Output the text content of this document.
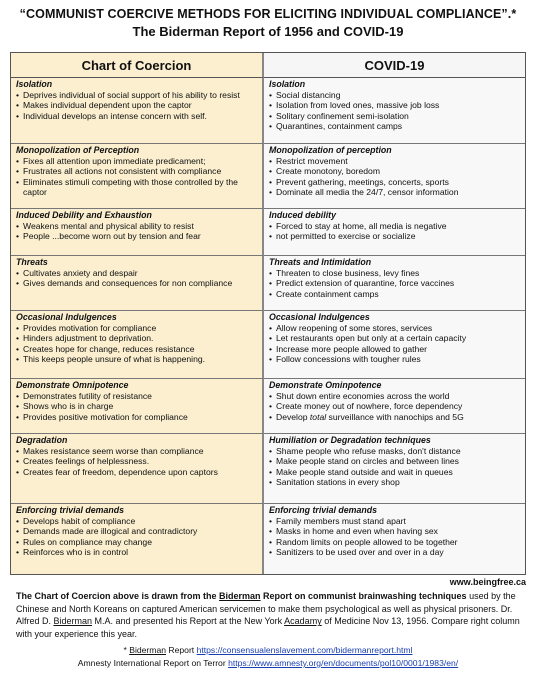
“COMMUNIST COERCIVE METHODS FOR ELICITING INDIVIDUAL COMPLIANCE”.*
The Biderman Report of 1956 and COVID-19
Chart of Coercion	COVID-19
Isolation
• Deprives individual of social support of his ability to resist
• Makes individual dependent upon the captor
• Individual develops an intense concern with self.
Isolation
• Social distancing
• Isolation from loved ones, massive job loss
• Solitary confinement semi-isolation
• Quarantines, containment camps
Monopolization of Perception
• Fixes all attention upon immediate predicament;
• Frustrates all actions not consistent with compliance
• Eliminates stimuli competing with those controlled by the captor
Monopolization of perception
• Restrict movement
• Create monotony, boredom
• Prevent gathering, meetings, concerts, sports
• Dominate all media the 24/7, censor information
Induced Debility and Exhaustion
• Weakens mental and physical ability to resist
• People ...become worn out by tension and fear
Induced debility
• Forced to stay at home, all media is negative
• not permitted to exercise or socialize
Threats
• Cultivates anxiety and despair
• Gives demands and consequences for non compliance
Threats and Intimidation
• Threaten to close business, levy fines
• Predict extension of quarantine, force vaccines
• Create containment camps
Occasional Indulgences
• Provides motivation for compliance
• Hinders adjustment to deprivation.
• Creates hope for change, reduces resistance
• This keeps people unsure of what is happening.
Occasional Indulgences
• Allow reopening of some stores, services
• Let restaurants open but only at a certain capacity
• Increase more people allowed to gather
• Follow concessions with tougher rules
Demonstrate Omnipotence
• Demonstrates futility of resistance
• Shows who is in charge
• Provides positive motivation for compliance
Demonstrate Ominpotence
• Shut down entire economies across the world
• Create money out of nowhere, force dependency
• Develop total surveillance with nanochips and 5G
Degradation
• Makes resistance seem worse than compliance
• Creates feelings of helplessness.
• Creates fear of freedom, dependence upon captors
Humiliation or Degradation techniques
• Shame people who refuse masks, don't distance
• Make people stand on circles and between lines
• Make people stand outside and wait in queues
• Sanitation stations in every shop
Enforcing trivial demands
• Develops habit of compliance
• Demands made are illogical and contradictory
• Rules on compliance may change
• Reinforces who is in control
Enforcing trivial demands
• Family members must stand apart
• Masks in home and even when having sex
• Random limits on people allowed to be together
• Sanitizers to be used over and over in a day
www.beingfree.ca
The Chart of Coercion above is drawn from the Biderman Report on communist brainwashing techniques used by the Chinese and North Koreans on captured American servicemen to make them psychological as well as physical prisoners. Dr. Alfred D. Biderman M.A. and presented his Report at the New York Acadamy of Medicine Nov 13, 1956. Compare right column with your experience this year.
* Biderman Report https://consensualenslavement.com/bidermanreport.html
Amnesty International Report on Terror https://www.amnesty.org/en/documents/pol10/0001/1983/en/
